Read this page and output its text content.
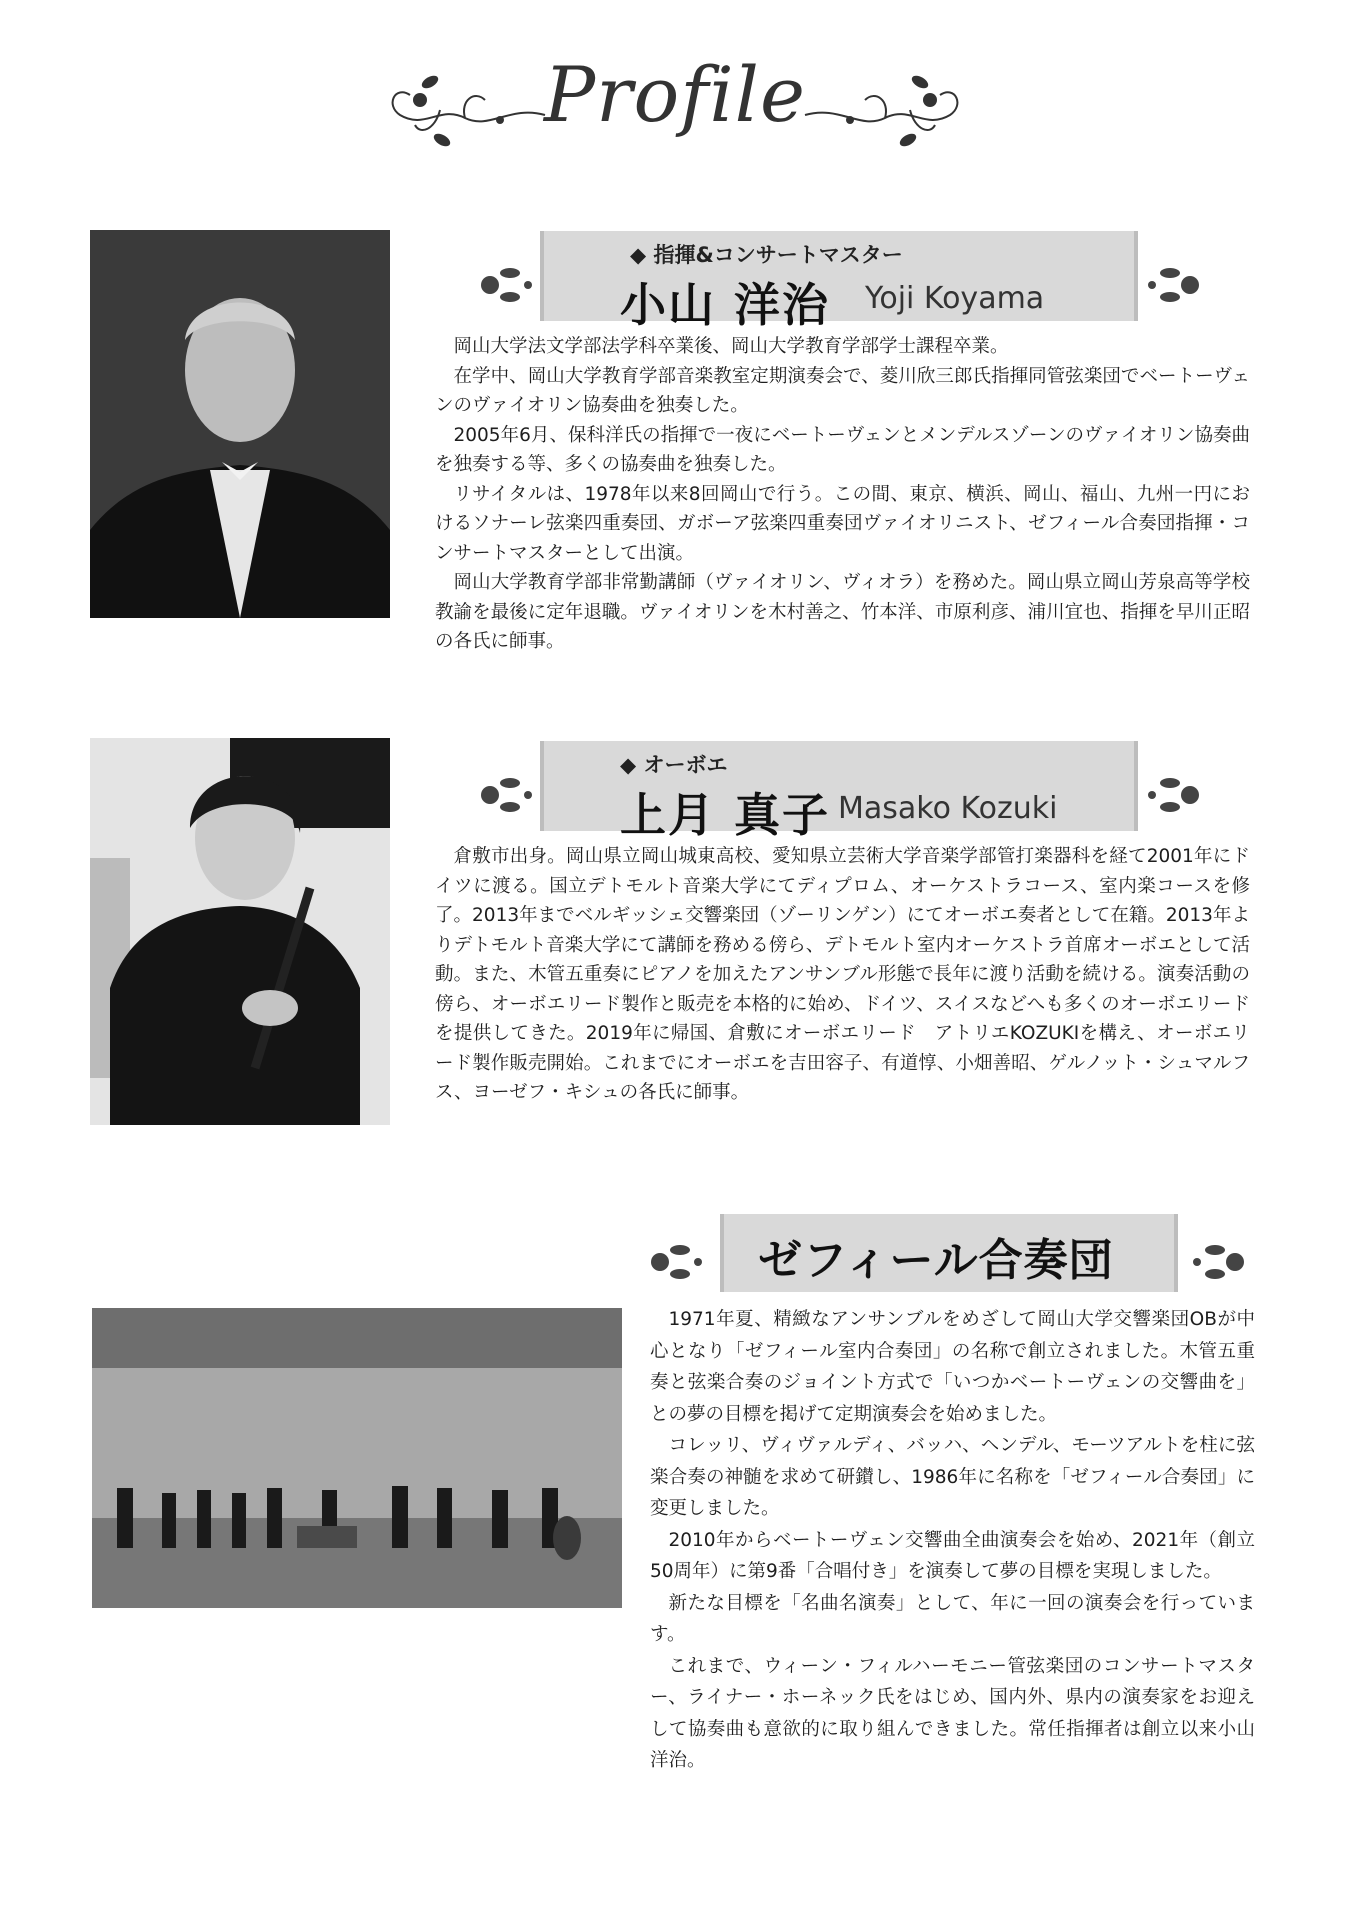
Profile
◆ 指揮&コンサートマスター
小山 洋治 Yoji Koyama

岡山大学法文学部法学科卒業後、岡山大学教育学部学士課程卒業。

在学中、岡山大学教育学部音楽教室定期演奏会で、菱川欣三郎氏指揮同管弦楽団でベートーヴェンのヴァイオリン協奏曲を独奏した。

2005年6月、保科洋氏の指揮で一夜にベートーヴェンとメンデルスゾーンのヴァイオリン協奏曲を独奏する等、多くの協奏曲を独奏した。

リサイタルは、1978年以来8回岡山で行う。この間、東京、横浜、岡山、福山、九州一円におけるソナーレ弦楽四重奏団、ガボーア弦楽四重奏団ヴァイオリニスト、ゼフィール合奏団指揮・コンサートマスターとして出演。

岡山大学教育学部非常勤講師（ヴァイオリン、ヴィオラ）を務めた。岡山県立岡山芳泉高等学校教諭を最後に定年退職。ヴァイオリンを木村善之、竹本洋、市原利彦、浦川宜也、指揮を早川正昭の各氏に師事。

◆ オーボエ
上月 真子 Masako Kozuki

倉敷市出身。岡山県立岡山城東高校、愛知県立芸術大学音楽学部管打楽器科を経て2001年にドイツに渡る。国立デトモルト音楽大学にてディプロム、オーケストラコース、室内楽コースを修了。2013年までベルギッシェ交響楽団（ゾーリンゲン）にてオーボエ奏者として在籍。2013年よりデトモルト音楽大学にて講師を務める傍ら、デトモルト室内オーケストラ首席オーボエとして活動。また、木管五重奏にピアノを加えたアンサンブル形態で長年に渡り活動を続ける。演奏活動の傍ら、オーボエリード製作と販売を本格的に始め、ドイツ、スイスなどへも多くのオーボエリードを提供してきた。2019年に帰国、倉敷にオーボエリード　アトリエKOZUKIを構え、オーボエリード製作販売開始。これまでにオーボエを吉田容子、有道惇、小畑善昭、ゲルノット・シュマルフス、ヨーゼフ・キシュの各氏に師事。

ゼフィール合奏団

1971年夏、精緻なアンサンブルをめざして岡山大学交響楽団OBが中心となり「ゼフィール室内合奏団」の名称で創立されました。木管五重奏と弦楽合奏のジョイント方式で「いつかベートーヴェンの交響曲を」との夢の目標を掲げて定期演奏会を始めました。

コレッリ、ヴィヴァルディ、バッハ、ヘンデル、モーツアルトを柱に弦楽合奏の神髄を求めて研鑚し、1986年に名称を「ゼフィール合奏団」に変更しました。

2010年からベートーヴェン交響曲全曲演奏会を始め、2021年（創立50周年）に第9番「合唱付き」を演奏して夢の目標を実現しました。

新たな目標を「名曲名演奏」として、年に一回の演奏会を行っています。

これまで、ウィーン・フィルハーモニー管弦楽団のコンサートマスター、ライナー・ホーネック氏をはじめ、国内外、県内の演奏家をお迎えして協奏曲も意欲的に取り組んできました。常任指揮者は創立以来小山洋治。
